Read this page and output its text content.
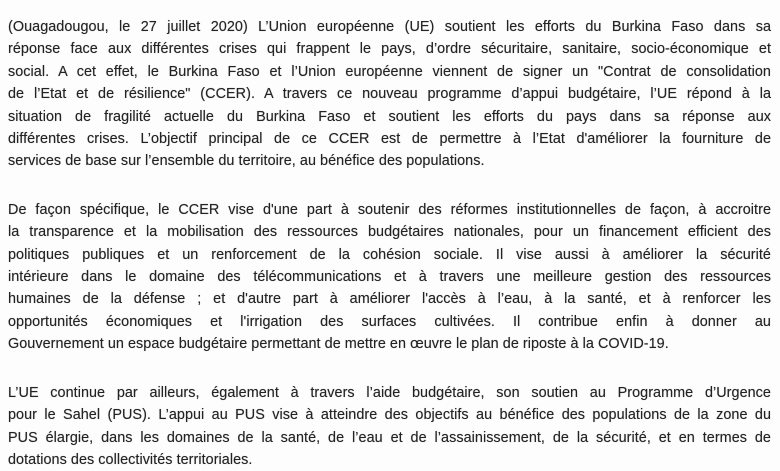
(Ouagadougou, le 27 juillet 2020) L’Union européenne (UE) soutient les efforts du Burkina Faso dans sa
réponse face aux différentes crises qui frappent le pays, d’ordre sécuritaire, sanitaire, socio-économique et
social. A cet effet, le Burkina Faso et l’Union européenne viennent de signer un "Contrat de consolidation
de l’Etat et de résilience" (CCER). A travers ce nouveau programme d’appui budgétaire, l’UE répond à la
situation de fragilité actuelle du Burkina Faso et soutient les efforts du pays dans sa réponse aux
différentes crises. L’objectif principal de ce CCER est de permettre à l’Etat d'améliorer la fourniture de
services de base sur l’ensemble du territoire, au bénéfice des populations.

De façon spécifique, le CCER vise d'une part à soutenir des réformes institutionnelles de façon, à accroitre
la transparence et la mobilisation des ressources budgétaires nationales, pour un financement efficient des
politiques publiques et un renforcement de la cohésion sociale. Il vise aussi à améliorer la sécurité
intérieure dans le domaine des télécommunications et à travers une meilleure gestion des ressources
humaines de la défense ; et d'autre part à améliorer l'accès à l’eau, à la santé, et à renforcer les
opportunités économiques et l'irrigation des surfaces cultivées. Il contribue enfin à donner au
Gouvernement un espace budgétaire permettant de mettre en œuvre le plan de riposte à la COVID-19.

L’UE continue par ailleurs, également à travers l’aide budgétaire, son soutien au Programme d’Urgence
pour le Sahel (PUS). L’appui au PUS vise à atteindre des objectifs au bénéfice des populations de la zone du
PUS élargie, dans les domaines de la santé, de l’eau et de l’assainissement, de la sécurité, et en termes de
dotations des collectivités territoriales.
